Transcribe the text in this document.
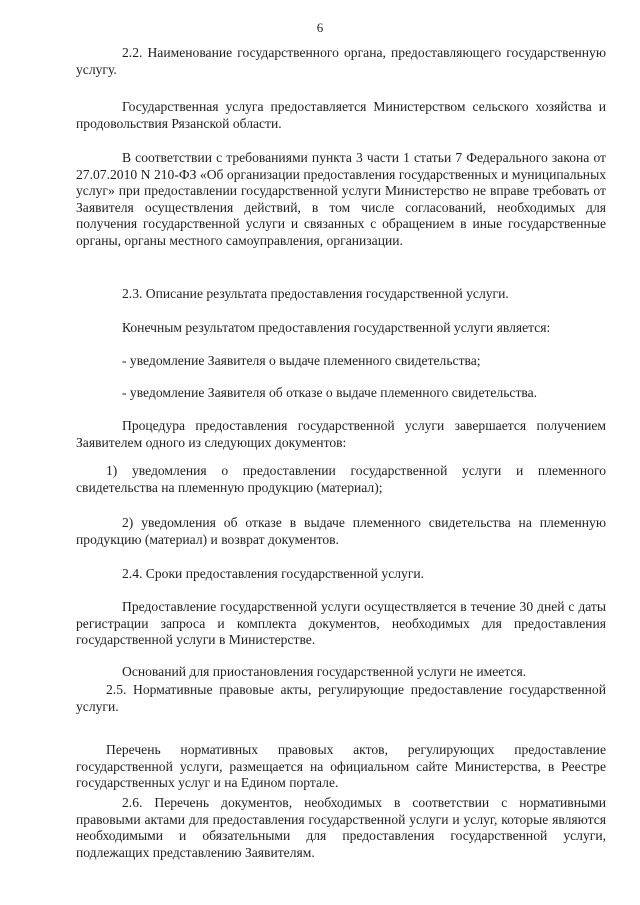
6

2.2. Наименование государственного органа, предоставляющего государственную услугу.

Государственная услуга предоставляется Министерством сельского хозяйства и продовольствия Рязанской области.

В соответствии с требованиями пункта 3 части 1 статьи 7 Федерального закона от 27.07.2010 N 210-ФЗ «Об организации предоставления государственных и муниципальных услуг» при предоставлении государственной услуги Министерство не вправе требовать от Заявителя осуществления действий, в том числе согласований, необходимых для получения государственной услуги и связанных с обращением в иные государственные органы, органы местного самоуправления, организации.

2.3. Описание результата предоставления государственной услуги.

Конечным результатом предоставления государственной услуги является:

- уведомление Заявителя о выдаче племенного свидетельства;

- уведомление Заявителя об отказе о выдаче племенного свидетельства.

Процедура предоставления государственной услуги завершается получением Заявителем одного из следующих документов:

1) уведомления о предоставлении государственной услуги и племенного свидетельства на племенную продукцию (материал);

2) уведомления об отказе в выдаче племенного свидетельства на племенную продукцию (материал) и возврат документов.

2.4. Сроки предоставления государственной услуги.

Предоставление государственной услуги осуществляется в течение 30 дней с даты регистрации запроса и комплекта документов, необходимых для предоставления государственной услуги в Министерстве.

Оснований для приостановления государственной услуги не имеется.

2.5. Нормативные правовые акты, регулирующие предоставление государственной услуги.

Перечень нормативных правовых актов, регулирующих предоставление государственной услуги, размещается на официальном сайте Министерства, в Реестре государственных услуг и на Едином портале.

2.6. Перечень документов, необходимых в соответствии с нормативными правовыми актами для предоставления государственной услуги и услуг, которые являются необходимыми и обязательными для предоставления государственной услуги, подлежащих представлению Заявителям.
